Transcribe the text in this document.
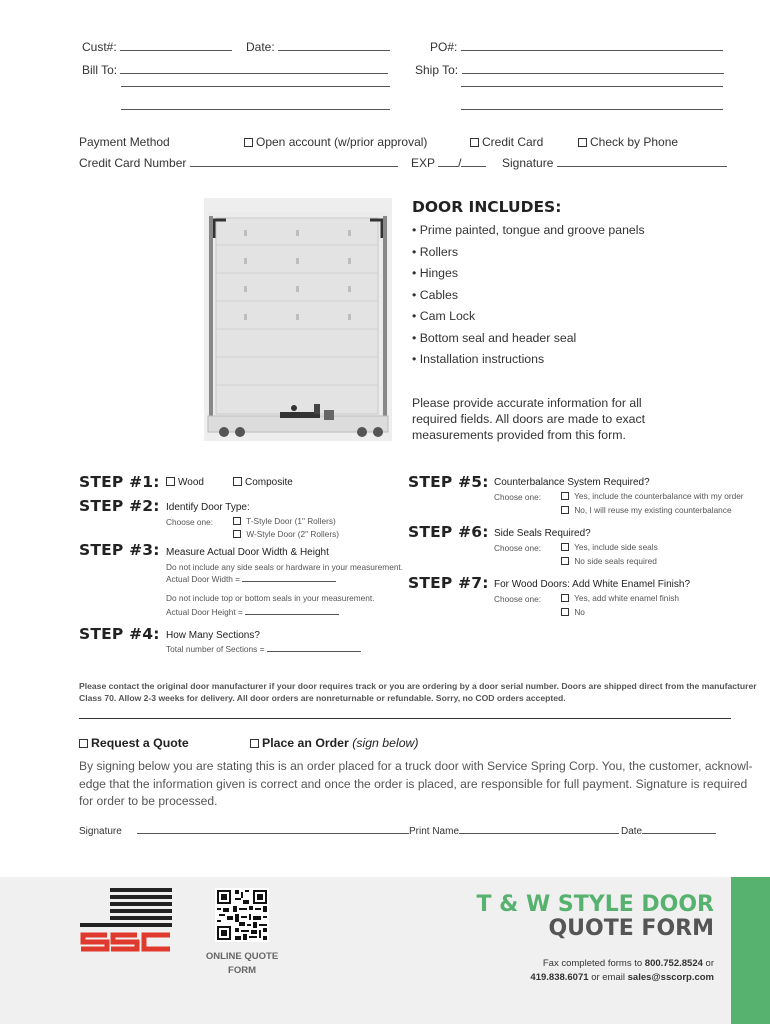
Cust#:	Date:	PO#:
Bill To:	Ship To:
Payment Method	Open account (w/prior approval)	Credit Card	Check by Phone
Credit Card Number	EXP /	Signature
DOOR INCLUDES:
• Prime painted, tongue and groove panels
• Rollers
• Hinges
• Cables
• Cam Lock
• Bottom seal and header seal
• Installation instructions
Please provide accurate information for all
required fields. All doors are made to exact
measurements provided from this form.
STEP #1:	Wood	Composite
STEP #2: Identify Door Type:
Choose one:	T-Style Door (1" Rollers)
W-Style Door (2" Rollers)
STEP #3: Measure Actual Door Width & Height
Do not include any side seals or hardware in your measurement.
Actual Door Width =
Do not include top or bottom seals in your measurement.
Actual Door Height =
STEP #4: How Many Sections?
Total number of Sections =
STEP #5: Counterbalance System Required?
Choose one:	Yes, include the counterbalance with my order
No, I will reuse my existing counterbalance
STEP #6: Side Seals Required?
Choose one:	Yes, include side seals
No side seals required
STEP #7: For Wood Doors: Add White Enamel Finish?
Choose one:	Yes, add white enamel finish
No
Please contact the original door manufacturer if your door requires track or you are ordering by a door serial number. Doors are shipped direct from the manufacturer
Class 70. Allow 2-3 weeks for delivery. All door orders are nonreturnable or refundable. Sorry, no COD orders accepted.
Request a Quote	Place an Order (sign below)
By signing below you are stating this is an order placed for a truck door with Service Spring Corp. You, the customer, acknowl-
edge that the information given is correct and once the order is placed, are responsible for full payment. Signature is required
for order to be processed.
Signature	Print Name	Date
ONLINE QUOTE
FORM
T & W STYLE DOOR
QUOTE FORM
Fax completed forms to 800.752.8524 or
419.838.6071 or email sales@sscorp.com
